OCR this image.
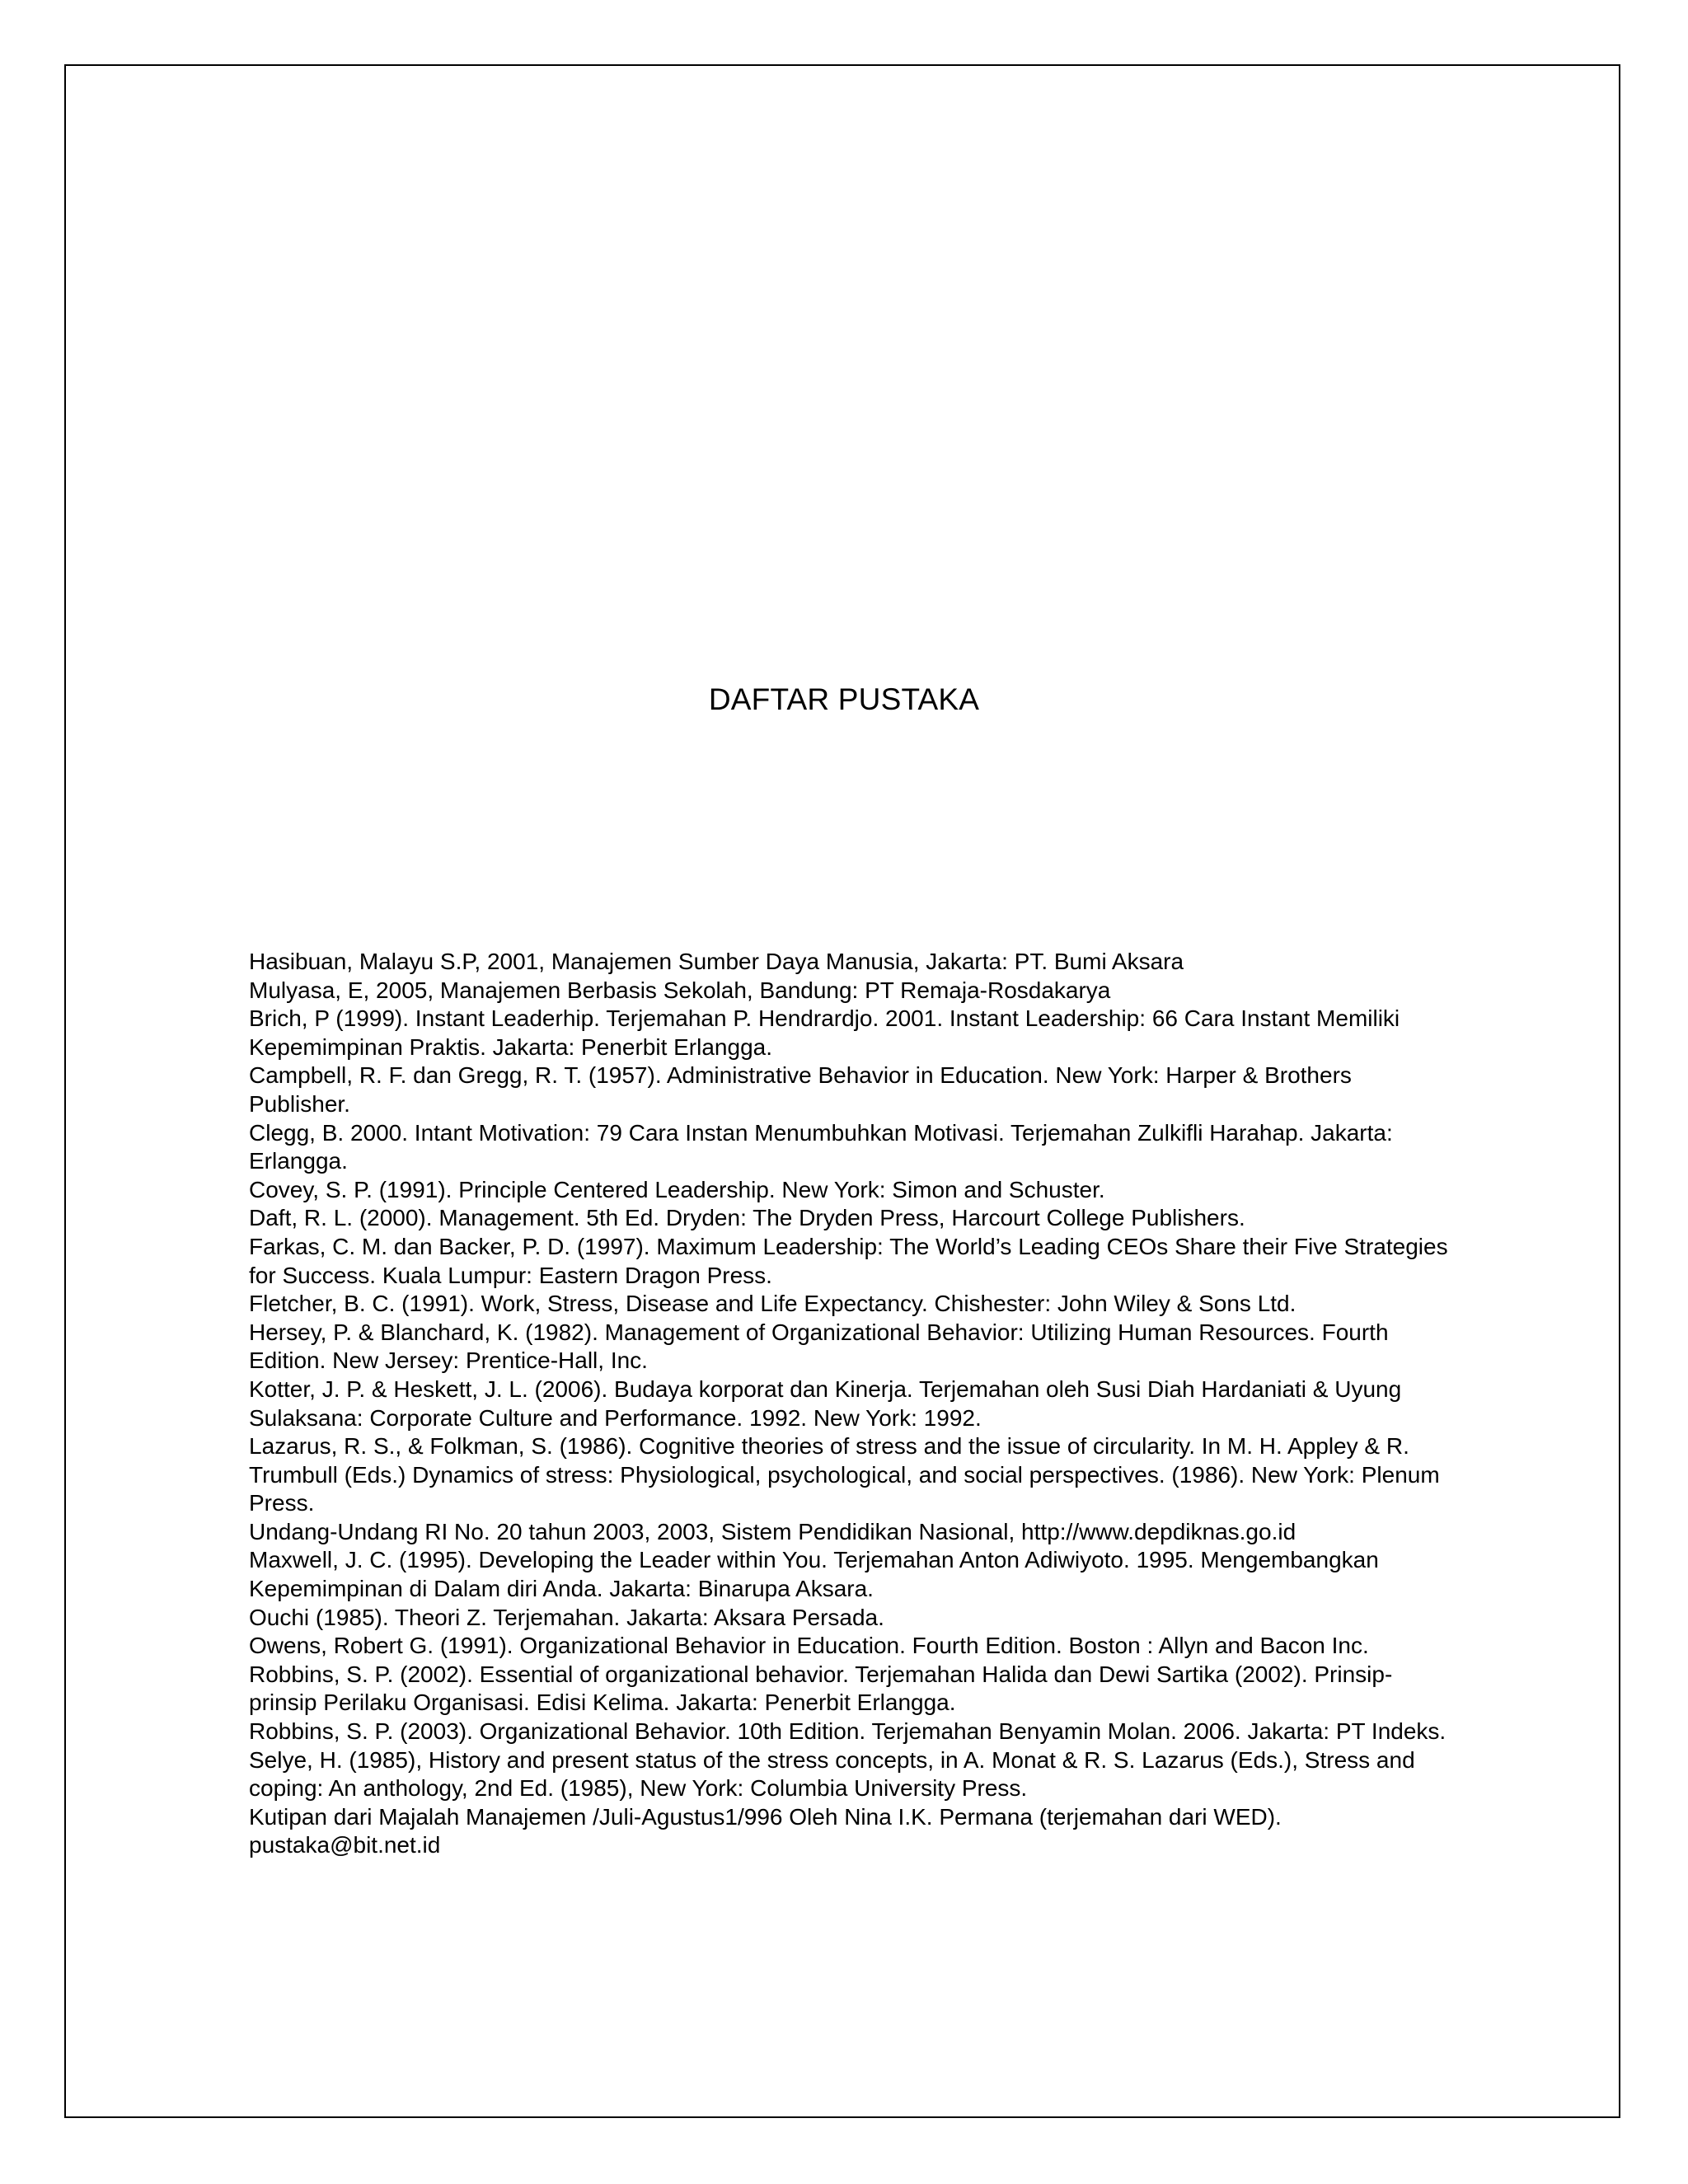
DAFTAR PUSTAKA
Hasibuan, Malayu S.P, 2001, Manajemen Sumber Daya Manusia, Jakarta: PT. Bumi Aksara
Mulyasa, E, 2005, Manajemen Berbasis Sekolah, Bandung: PT Remaja-Rosdakarya
Brich, P (1999). Instant Leaderhip. Terjemahan P. Hendrardjo. 2001. Instant Leadership: 66 Cara Instant Memiliki Kepemimpinan Praktis. Jakarta: Penerbit Erlangga.
Campbell, R. F. dan Gregg, R. T. (1957). Administrative Behavior in Education. New York: Harper & Brothers Publisher.
Clegg, B. 2000. Intant Motivation: 79 Cara Instan Menumbuhkan Motivasi. Terjemahan Zulkifli Harahap. Jakarta: Erlangga.
Covey, S. P. (1991). Principle Centered Leadership. New York: Simon and Schuster.
Daft, R. L. (2000). Management. 5th Ed. Dryden: The Dryden Press, Harcourt College Publishers.
Farkas, C. M. dan Backer, P. D. (1997). Maximum Leadership: The World’s Leading CEOs Share their Five Strategies for Success. Kuala Lumpur: Eastern Dragon Press.
Fletcher, B. C. (1991). Work, Stress, Disease and Life Expectancy. Chishester: John Wiley & Sons Ltd.
Hersey, P. & Blanchard, K. (1982). Management of Organizational Behavior: Utilizing Human Resources. Fourth Edition. New Jersey: Prentice-Hall, Inc.
Kotter, J. P. & Heskett, J. L. (2006). Budaya korporat dan Kinerja. Terjemahan oleh Susi Diah Hardaniati & Uyung Sulaksana: Corporate Culture and Performance. 1992. New York: 1992.
Lazarus, R. S., & Folkman, S. (1986). Cognitive theories of stress and the issue of circularity. In M. H. Appley & R. Trumbull (Eds.) Dynamics of stress: Physiological, psychological, and social perspectives. (1986). New York: Plenum Press.
Undang-Undang RI No. 20 tahun 2003, 2003, Sistem Pendidikan Nasional, http://www.depdiknas.go.id
Maxwell, J. C. (1995). Developing the Leader within You. Terjemahan Anton Adiwiyoto. 1995. Mengembangkan Kepemimpinan di Dalam diri Anda. Jakarta: Binarupa Aksara.
Ouchi (1985). Theori Z. Terjemahan. Jakarta: Aksara Persada.
Owens, Robert G. (1991). Organizational Behavior in Education. Fourth Edition. Boston : Allyn and Bacon Inc.
Robbins, S. P. (2002). Essential of organizational behavior. Terjemahan Halida dan Dewi Sartika (2002). Prinsip-prinsip Perilaku Organisasi. Edisi Kelima. Jakarta: Penerbit Erlangga.
Robbins, S. P. (2003). Organizational Behavior. 10th Edition. Terjemahan Benyamin Molan. 2006. Jakarta: PT Indeks.
Selye, H. (1985), History and present status of the stress concepts, in A. Monat & R. S. Lazarus (Eds.), Stress and coping: An anthology, 2nd Ed. (1985), New York: Columbia University Press.
Kutipan dari Majalah Manajemen /Juli-Agustus1/996 Oleh Nina I.K. Permana (terjemahan dari WED). pustaka@bit.net.id
